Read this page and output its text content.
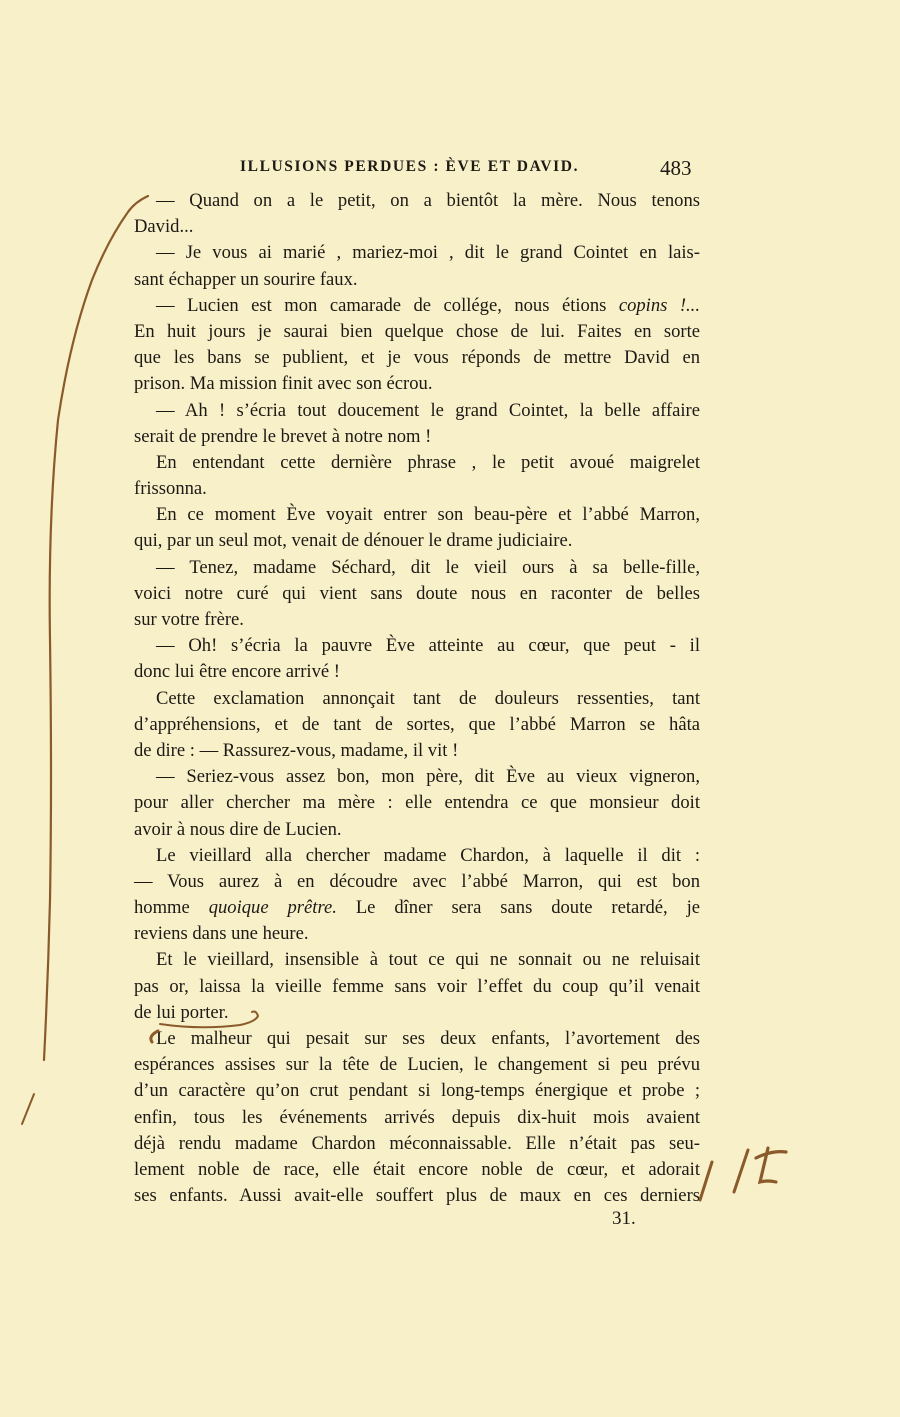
ILLUSIONS PERDUES : ÈVE ET DAVID.	483
— Quand on a le petit, on a bientôt la mère. Nous tenons
David...
— Je vous ai marié , mariez-moi , dit le grand Cointet en lais-
sant échapper un sourire faux.
— Lucien est mon camarade de collége, nous étions copins !...
En huit jours je saurai bien quelque chose de lui. Faites en sorte
que les bans se publient, et je vous réponds de mettre David en
prison. Ma mission finit avec son écrou.
— Ah ! s’écria tout doucement le grand Cointet, la belle affaire
serait de prendre le brevet à notre nom !
En entendant cette dernière phrase , le petit avoué maigrelet
frissonna.
En ce moment Ève voyait entrer son beau-père et l’abbé Marron,
qui, par un seul mot, venait de dénouer le drame judiciaire.
— Tenez, madame Séchard, dit le vieil ours à sa belle-fille,
voici notre curé qui vient sans doute nous en raconter de belles
sur votre frère.
— Oh! s’écria la pauvre Ève atteinte au cœur, que peut - il
donc lui être encore arrivé !
Cette exclamation annonçait tant de douleurs ressenties, tant
d’appréhensions, et de tant de sortes, que l’abbé Marron se hâta
de dire : — Rassurez-vous, madame, il vit !
— Seriez-vous assez bon, mon père, dit Ève au vieux vigneron,
pour aller chercher ma mère : elle entendra ce que monsieur doit
avoir à nous dire de Lucien.
Le vieillard alla chercher madame Chardon, à laquelle il dit :
— Vous aurez à en découdre avec l’abbé Marron, qui est bon
homme quoique prêtre. Le dîner sera sans doute retardé, je
reviens dans une heure.
Et le vieillard, insensible à tout ce qui ne sonnait ou ne reluisait
pas or, laissa la vieille femme sans voir l’effet du coup qu’il venait
de lui porter.
Le malheur qui pesait sur ses deux enfants, l’avortement des
espérances assises sur la tête de Lucien, le changement si peu prévu
d’un caractère qu’on crut pendant si long-temps énergique et probe ;
enfin, tous les événements arrivés depuis dix-huit mois avaient
déjà rendu madame Chardon méconnaissable. Elle n’était pas seu-
lement noble de race, elle était encore noble de cœur, et adorait
ses enfants. Aussi avait-elle souffert plus de maux en ces derniers
31.
